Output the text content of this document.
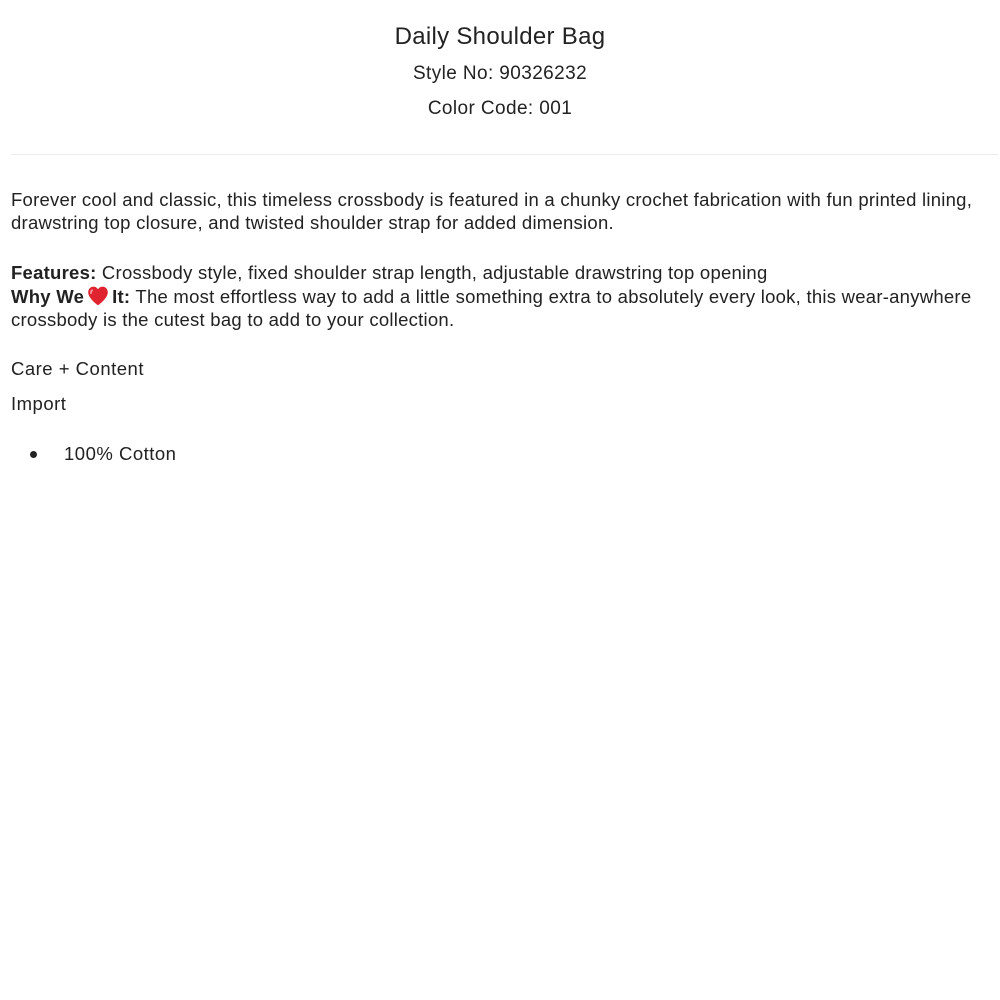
Daily Shoulder Bag
Style No: 90326232
Color Code: 001

Forever cool and classic, this timeless crossbody is featured in a chunky crochet fabrication with fun printed lining, drawstring top closure, and twisted shoulder strap for added dimension.

Features: Crossbody style, fixed shoulder strap length, adjustable drawstring top opening

Why We It: The most effortless way to add a little something extra to absolutely every look, this wear-anywhere crossbody is the cutest bag to add to your collection.

Care + Content
Import
100% Cotton
